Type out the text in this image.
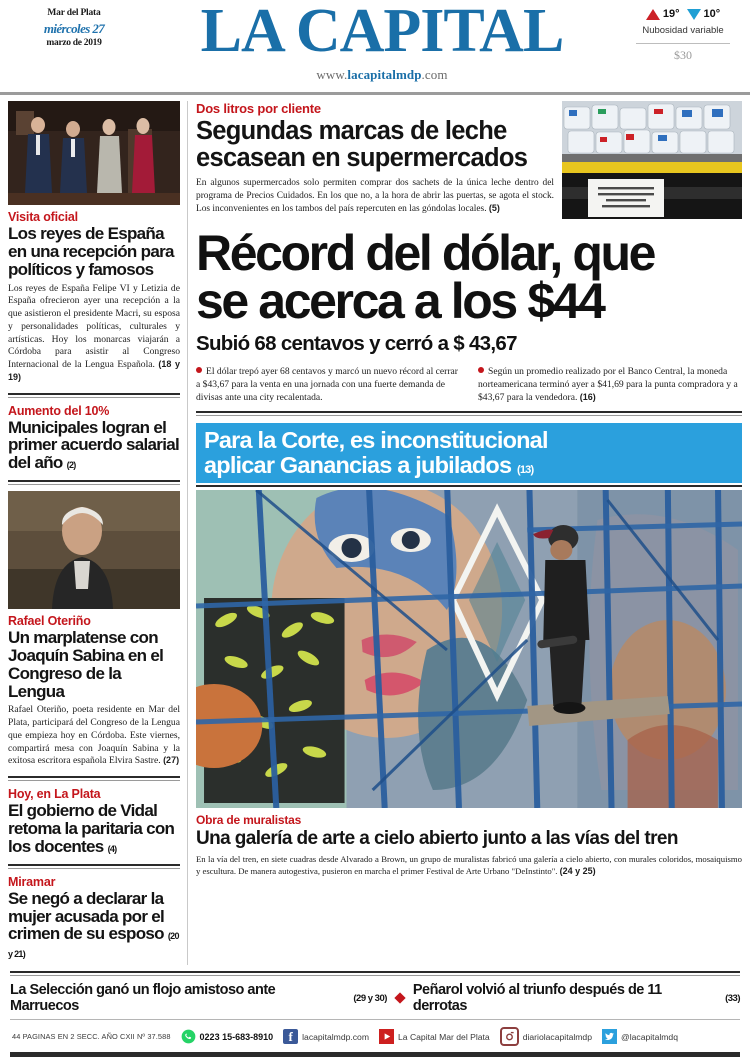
Mar del Plata
miércoles 27
marzo de 2019	LA CAPITAL
www.lacapitalmdp.com
19° 10°
Nubosidad variable
$30
Visita oficial
Los reyes de España en una recepción para políticos y famosos
Los reyes de España Felipe VI y Letizia de España ofrecieron ayer una recepción a la que asistieron el presidente Macri, su esposa y personalidades políticas, culturales y artísticas. Hoy los monarcas viajarán a Córdoba para asistir al Congreso Internacional de la Lengua Española. (18 y 19)
Aumento del 10%
Municipales logran el primer acuerdo salarial del año (2)
Rafael Oteriño
Un marplatense con Joaquín Sabina en el Congreso de la Lengua
Rafael Oteriño, poeta residente en Mar del Plata, participará del Congreso de la Lengua que empieza hoy en Córdoba. Este viernes, compartirá mesa con Joaquín Sabina y la exitosa escritora española Elvira Sastre. (27)
Hoy, en La Plata
El gobierno de Vidal retoma la paritaria con los docentes (4)
Miramar
Se negó a declarar la mujer acusada por el crimen de su esposo (20 y 21)
Dos litros por cliente
Segundas marcas de leche
escasean en supermercados
En algunos supermercados solo permiten comprar dos sachets de la única leche dentro del programa de Precios Cuidados. En los que no, a la hora de abrir las puertas, se agota el stock. Los inconvenientes en los tambos del país repercuten en las góndolas locales. (5)
Récord del dólar, que
se acerca a los $44
Subió 68 centavos y cerró a $ 43,67
El dólar trepó ayer 68 centavos y marcó un nuevo récord al cerrar a $43,67 para la venta en una jornada con una fuerte demanda de divisas ante una city recalentada.
Según un promedio realizado por el Banco Central, la moneda norteamericana terminó ayer a $41,69 para la punta compradora y a $43,67 para la vendedora. (16)
Para la Corte, es inconstitucional
aplicar Ganancias a jubilados (13)
Obra de muralistas
Una galería de arte a cielo abierto junto a las vías del tren
En la vía del tren, en siete cuadras desde Alvarado a Brown, un grupo de muralistas fabricó una galería a cielo abierto, con murales coloridos, mosaiquismo y escultura. De manera autogestiva, pusieron en marcha el primer Festival de Arte Urbano "DeInstinto". (24 y 25)
La Selección ganó un flojo amistoso ante Marruecos	(29 y 30) Peñarol volvió al triunfo después de 11 derrotas	(33)
44 PAGINAS EN 2 SECC. AÑO CXII Nº 37.588	0223 15-683-8910	f	lacapitalmdp.com	La Capital Mar del Plata	diariolacapitalmdp	@lacapitalmdq
